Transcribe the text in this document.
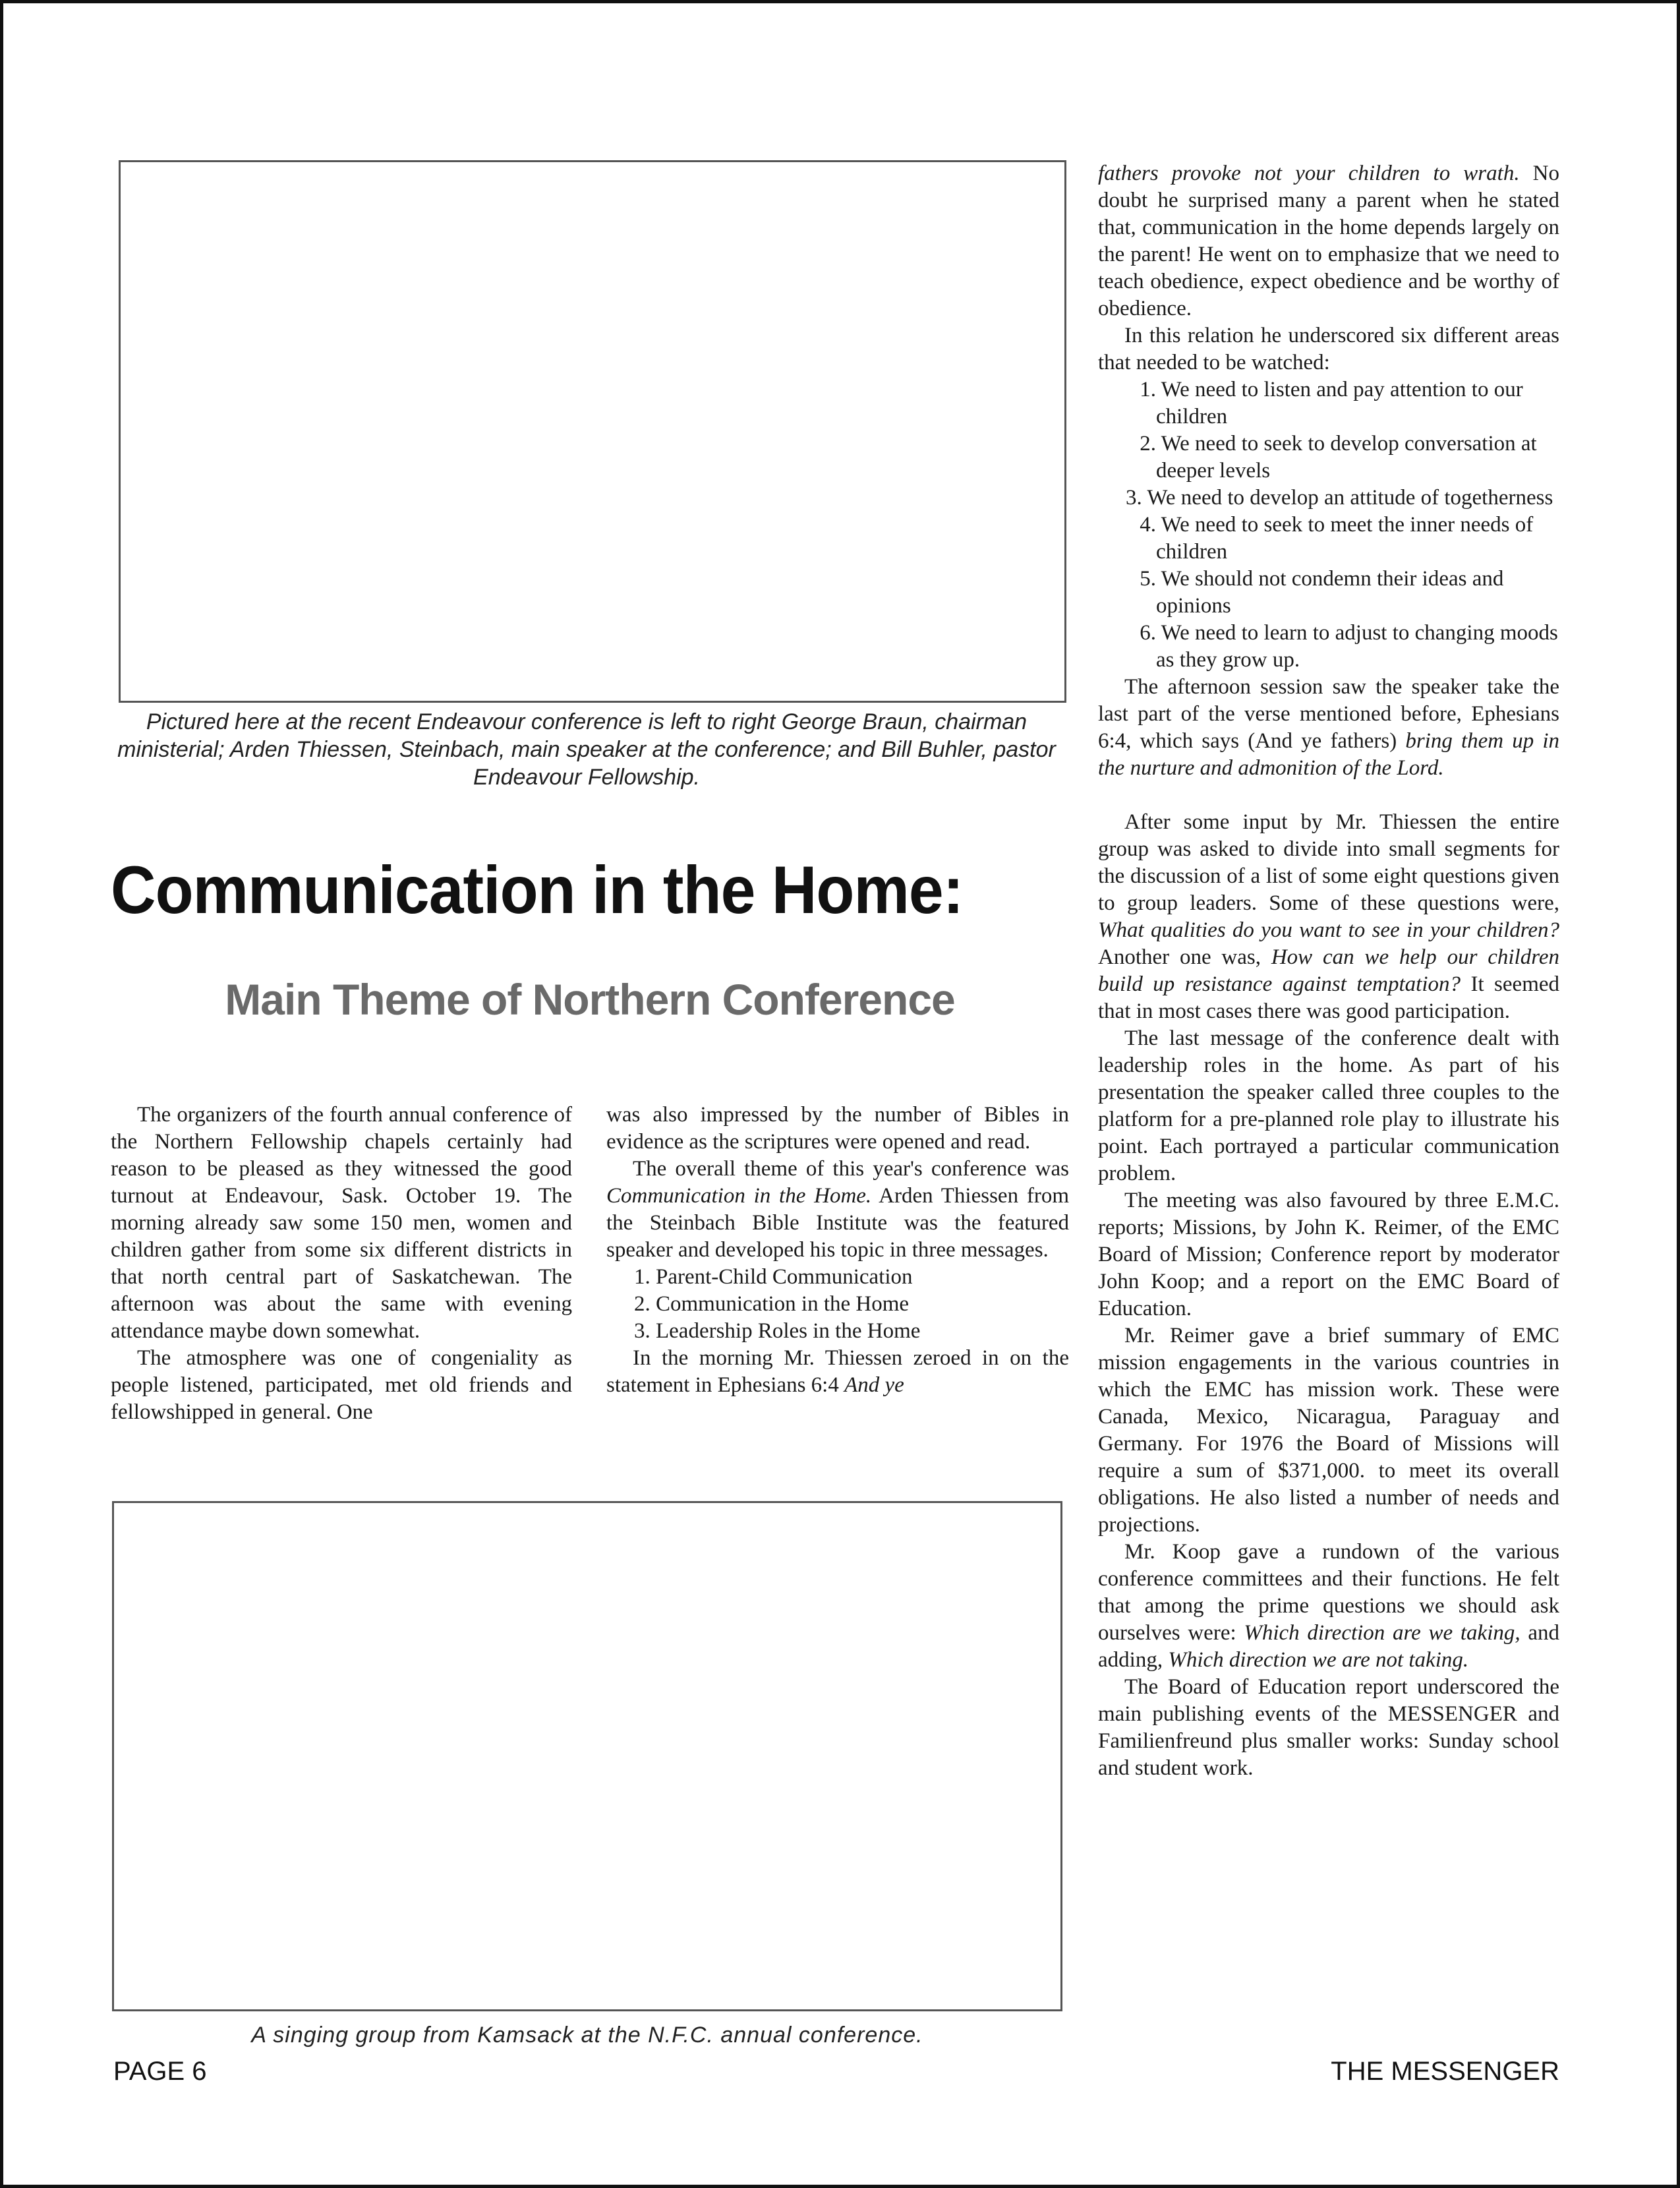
Pictured here at the recent Endeavour conference is left to right George Braun, chairman ministerial; Arden Thiessen, Steinbach, main speaker at the conference; and Bill Buhler, pastor Endeavour Fellowship.
Communication in the Home:
Main Theme of Northern Conference

The organizers of the fourth annual conference of the Northern Fellowship chapels certainly had reason to be pleased as they witnessed the good turnout at Endeavour, Sask. October 19. The morning already saw some 150 men, women and children gather from some six different districts in that north central part of Saskatchewan. The afternoon was about the same with evening attendance maybe down somewhat.

The atmosphere was one of congeniality as people listened, participated, met old friends and fellowshipped in general. One

was also impressed by the number of Bibles in evidence as the scriptures were opened and read.

The overall theme of this year's conference was Communication in the Home. Arden Thiessen from the Steinbach Bible Institute was the featured speaker and developed his topic in three messages.

1. Parent-Child Communication
2. Communication in the Home
3. Leadership Roles in the Home

In the morning Mr. Thiessen zeroed in on the statement in Ephesians 6:4 And ye

A singing group from Kamsack at the N.F.C. annual conference.

fathers provoke not your children to wrath. No doubt he surprised many a parent when he stated that, communication in the home depends largely on the parent! He went on to emphasize that we need to teach obedience, expect obedience and be worthy of obedience.

In this relation he underscored six different areas that needed to be watched:

1. We need to listen and pay attention to our children
2. We need to seek to develop conversation at deeper levels
3. We need to develop an attitude of togetherness
4. We need to seek to meet the inner needs of children
5. We should not condemn their ideas and opinions
6. We need to learn to adjust to changing moods as they grow up.

The afternoon session saw the speaker take the last part of the verse mentioned before, Ephesians 6:4, which says (And ye fathers) bring them up in the nurture and admonition of the Lord.

After some input by Mr. Thiessen the entire group was asked to divide into small segments for the discussion of a list of some eight questions given to group leaders. Some of these questions were, What qualities do you want to see in your children? Another one was, How can we help our children build up resistance against temptation? It seemed that in most cases there was good participation.

The last message of the conference dealt with leadership roles in the home. As part of his presentation the speaker called three couples to the platform for a pre-planned role play to illustrate his point. Each portrayed a particular communication problem.

The meeting was also favoured by three E.M.C. reports; Missions, by John K. Reimer, of the EMC Board of Mission; Conference report by moderator John Koop; and a report on the EMC Board of Education.

Mr. Reimer gave a brief summary of EMC mission engagements in the various countries in which the EMC has mission work. These were Canada, Mexico, Nicaragua, Paraguay and Germany. For 1976 the Board of Missions will require a sum of $371,000. to meet its overall obligations. He also listed a number of needs and projections.

Mr. Koop gave a rundown of the various conference committees and their functions. He felt that among the prime questions we should ask ourselves were: Which direction are we taking, and adding, Which direction we are not taking.

The Board of Education report underscored the main publishing events of the MESSENGER and Familienfreund plus smaller works: Sunday school and student work.

PAGE 6	THE MESSENGER
